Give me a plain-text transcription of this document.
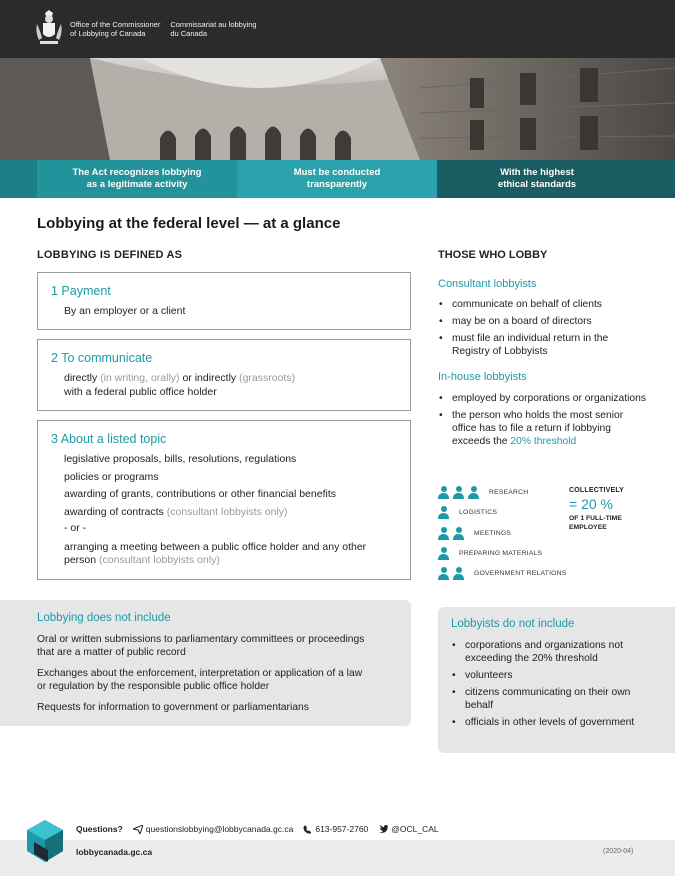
Office of the Commissioner
of Lobbying of Canada
Commissariat au lobbying
du Canada
The Act recognizes lobbying
as a legitimate activity
Must be conducted
transparently
With the highest
ethical standards
Lobbying at the federal level — at a glance
LOBBYING IS DEFINED AS
1 Payment

By an employer or a client

2 To communicate

directly (in writing, orally) or indirectly (grassroots)
with a federal public office holder

3 About a listed topic

legislative proposals, bills, resolutions, regulations

policies or programs

awarding of grants, contributions or other financial benefits

awarding of contracts (consultant lobbyists only)

- or -

arranging a meeting between a public office holder and any other
person (consultant lobbyists only)

THOSE WHO LOBBY
Consultant lobbyists
• communicate on behalf of clients
• may be on a board of directors
• must file an individual return in the Registry of Lobbyists
In-house lobbyists
• employed by corporations or organizations
• the person who holds the most senior office has to file a return if lobbying exceeds the 20% threshold
RESEARCH
LOGISTICS
MEETINGS
PREPARING MATERIALS
GOVERNMENT RELATIONS
COLLECTIVELY
= 20 %
OF 1 FULL-TIME
EMPLOYEE
Lobbying does not include
Oral or written submissions to parliamentary committees or proceedings
that are a matter of public record
Exchanges about the enforcement, interpretation or application of a law
or regulation by the responsible public office holder
Requests for information to government or parliamentarians
Lobbyists do not include
• corporations and organizations not exceeding the 20% threshold
• volunteers
• citizens communicating on their own behalf
• officials in other levels of government
Questions?	questionslobbying@lobbycanada.gc.ca	613-957-2760	@OCL_CAL
lobbycanada.gc.ca	(2020-04)
